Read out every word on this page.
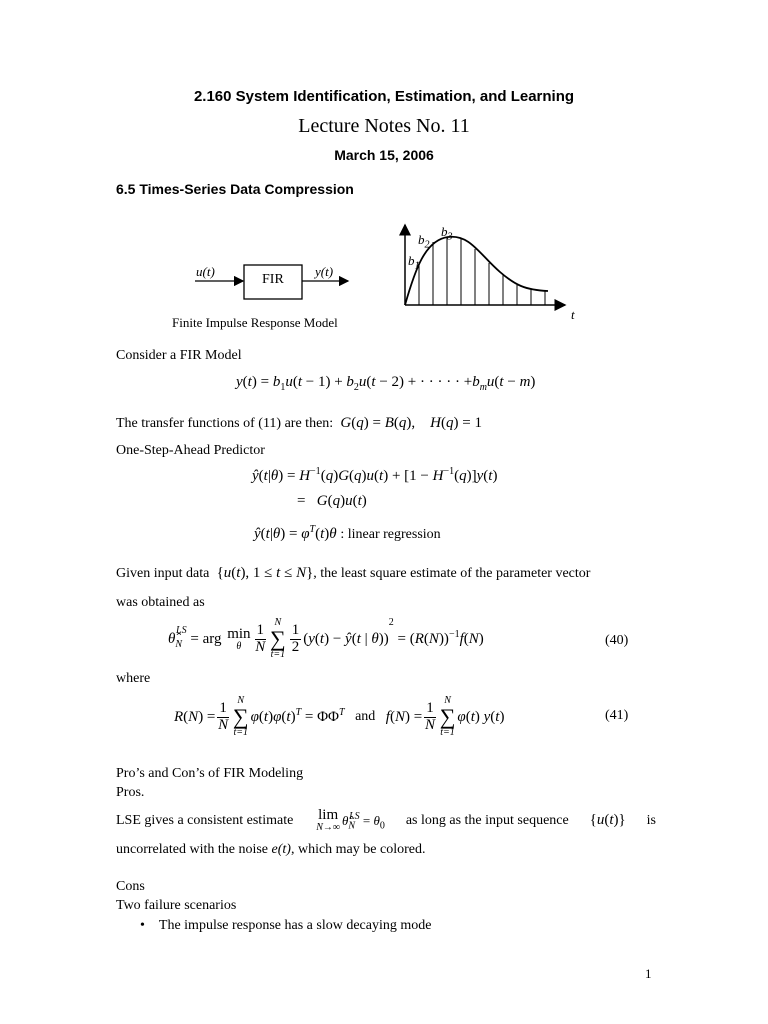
2.160 System Identification, Estimation, and Learning
Lecture Notes No. 11
March 15, 2006
6.5 Times-Series Data Compression
u(t)
FIR
y(t)
Finite Impulse Response Model
$b_1$
$b_2$
$b_3$
t
Consider a FIR Model
$y(t) = b_1u(t - 1) + b_2u(t - 2)$ + · · · · · $+b_mu(t - m)$
The transfer functions of (11) are then: G(q) = B(q),    H(q) = 1
One-Step-Ahead Predictor
ŷ(t|θ) = $H^{-1}(q)G(q)u(t) + [1 - H^{-1}(q)]y(t)$
=   G(q)u(t)
ŷ(t|θ) = $\varphi^T(t)\theta$ : linear regression
Given input data  {u(t), 1 ≤ t ≤ N}, the least square estimate of the parameter vector
was obtained as
$\thetâ_N^{LS}$
= arg min
θ $\frac{1}{N}$
N
∑
$t=1 \frac{1}{2} (y(t)$ − ŷ(t | $\theta))^2 = (R(N))^{-1}f(N)$	(40)
where
$R(N) = \frac{1}{N}$
N
∑
t=1
$\varphi(t)\varphi(t)^T = \Phi\Phi^T$ and $f(N) = \frac{1}{N}$
N
∑
t=1
φ(t) y(t)	(41)
Pro’s and Con’s of FIR Modeling
Pros.
LSE gives a consistent estimate lim
N→∞ $\thetâ_N^{LS} = \theta_0$ as long as the input sequence {u(t)} is
uncorrelated with the noise e(t), which may be colored.
Cons
Two failure scenarios
• The impulse response has a slow decaying mode
1
